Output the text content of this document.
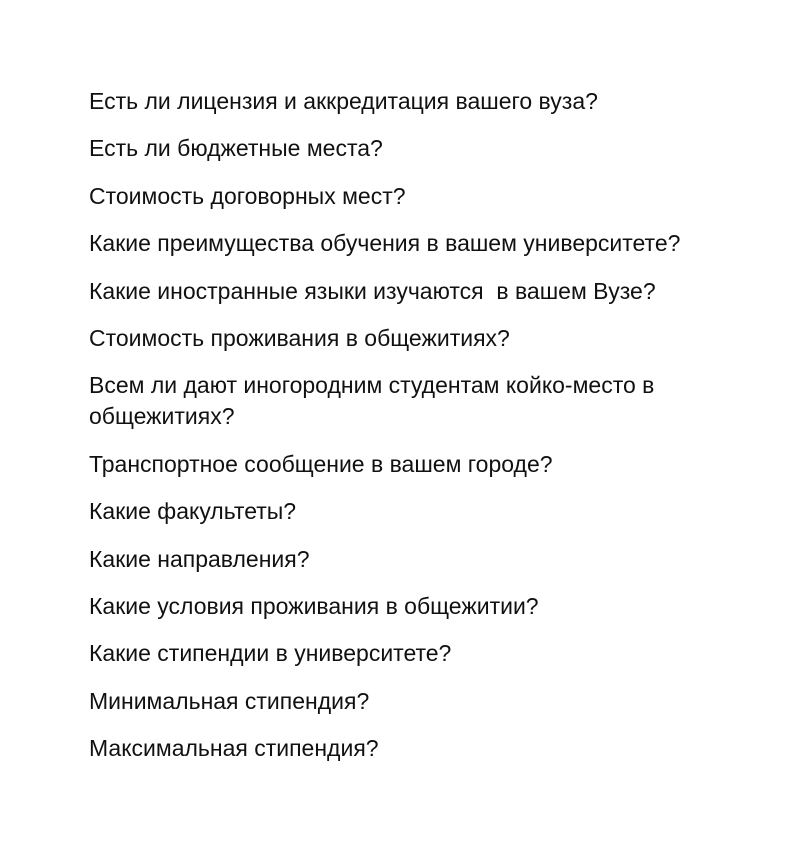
Есть ли лицензия и аккредитация вашего вуза?
Есть ли бюджетные места?
Стоимость договорных мест?
Какие преимущества обучения в вашем университете?
Какие иностранные языки изучаются  в вашем Вузе?
Стоимость проживания в общежитиях?
Всем ли дают иногородним студентам койко-место в общежитиях?
Транспортное сообщение в вашем городе?
Какие факультеты?
Какие направления?
Какие условия проживания в общежитии?
Какие стипендии в университете?
Минимальная стипендия?
Максимальная стипендия?
